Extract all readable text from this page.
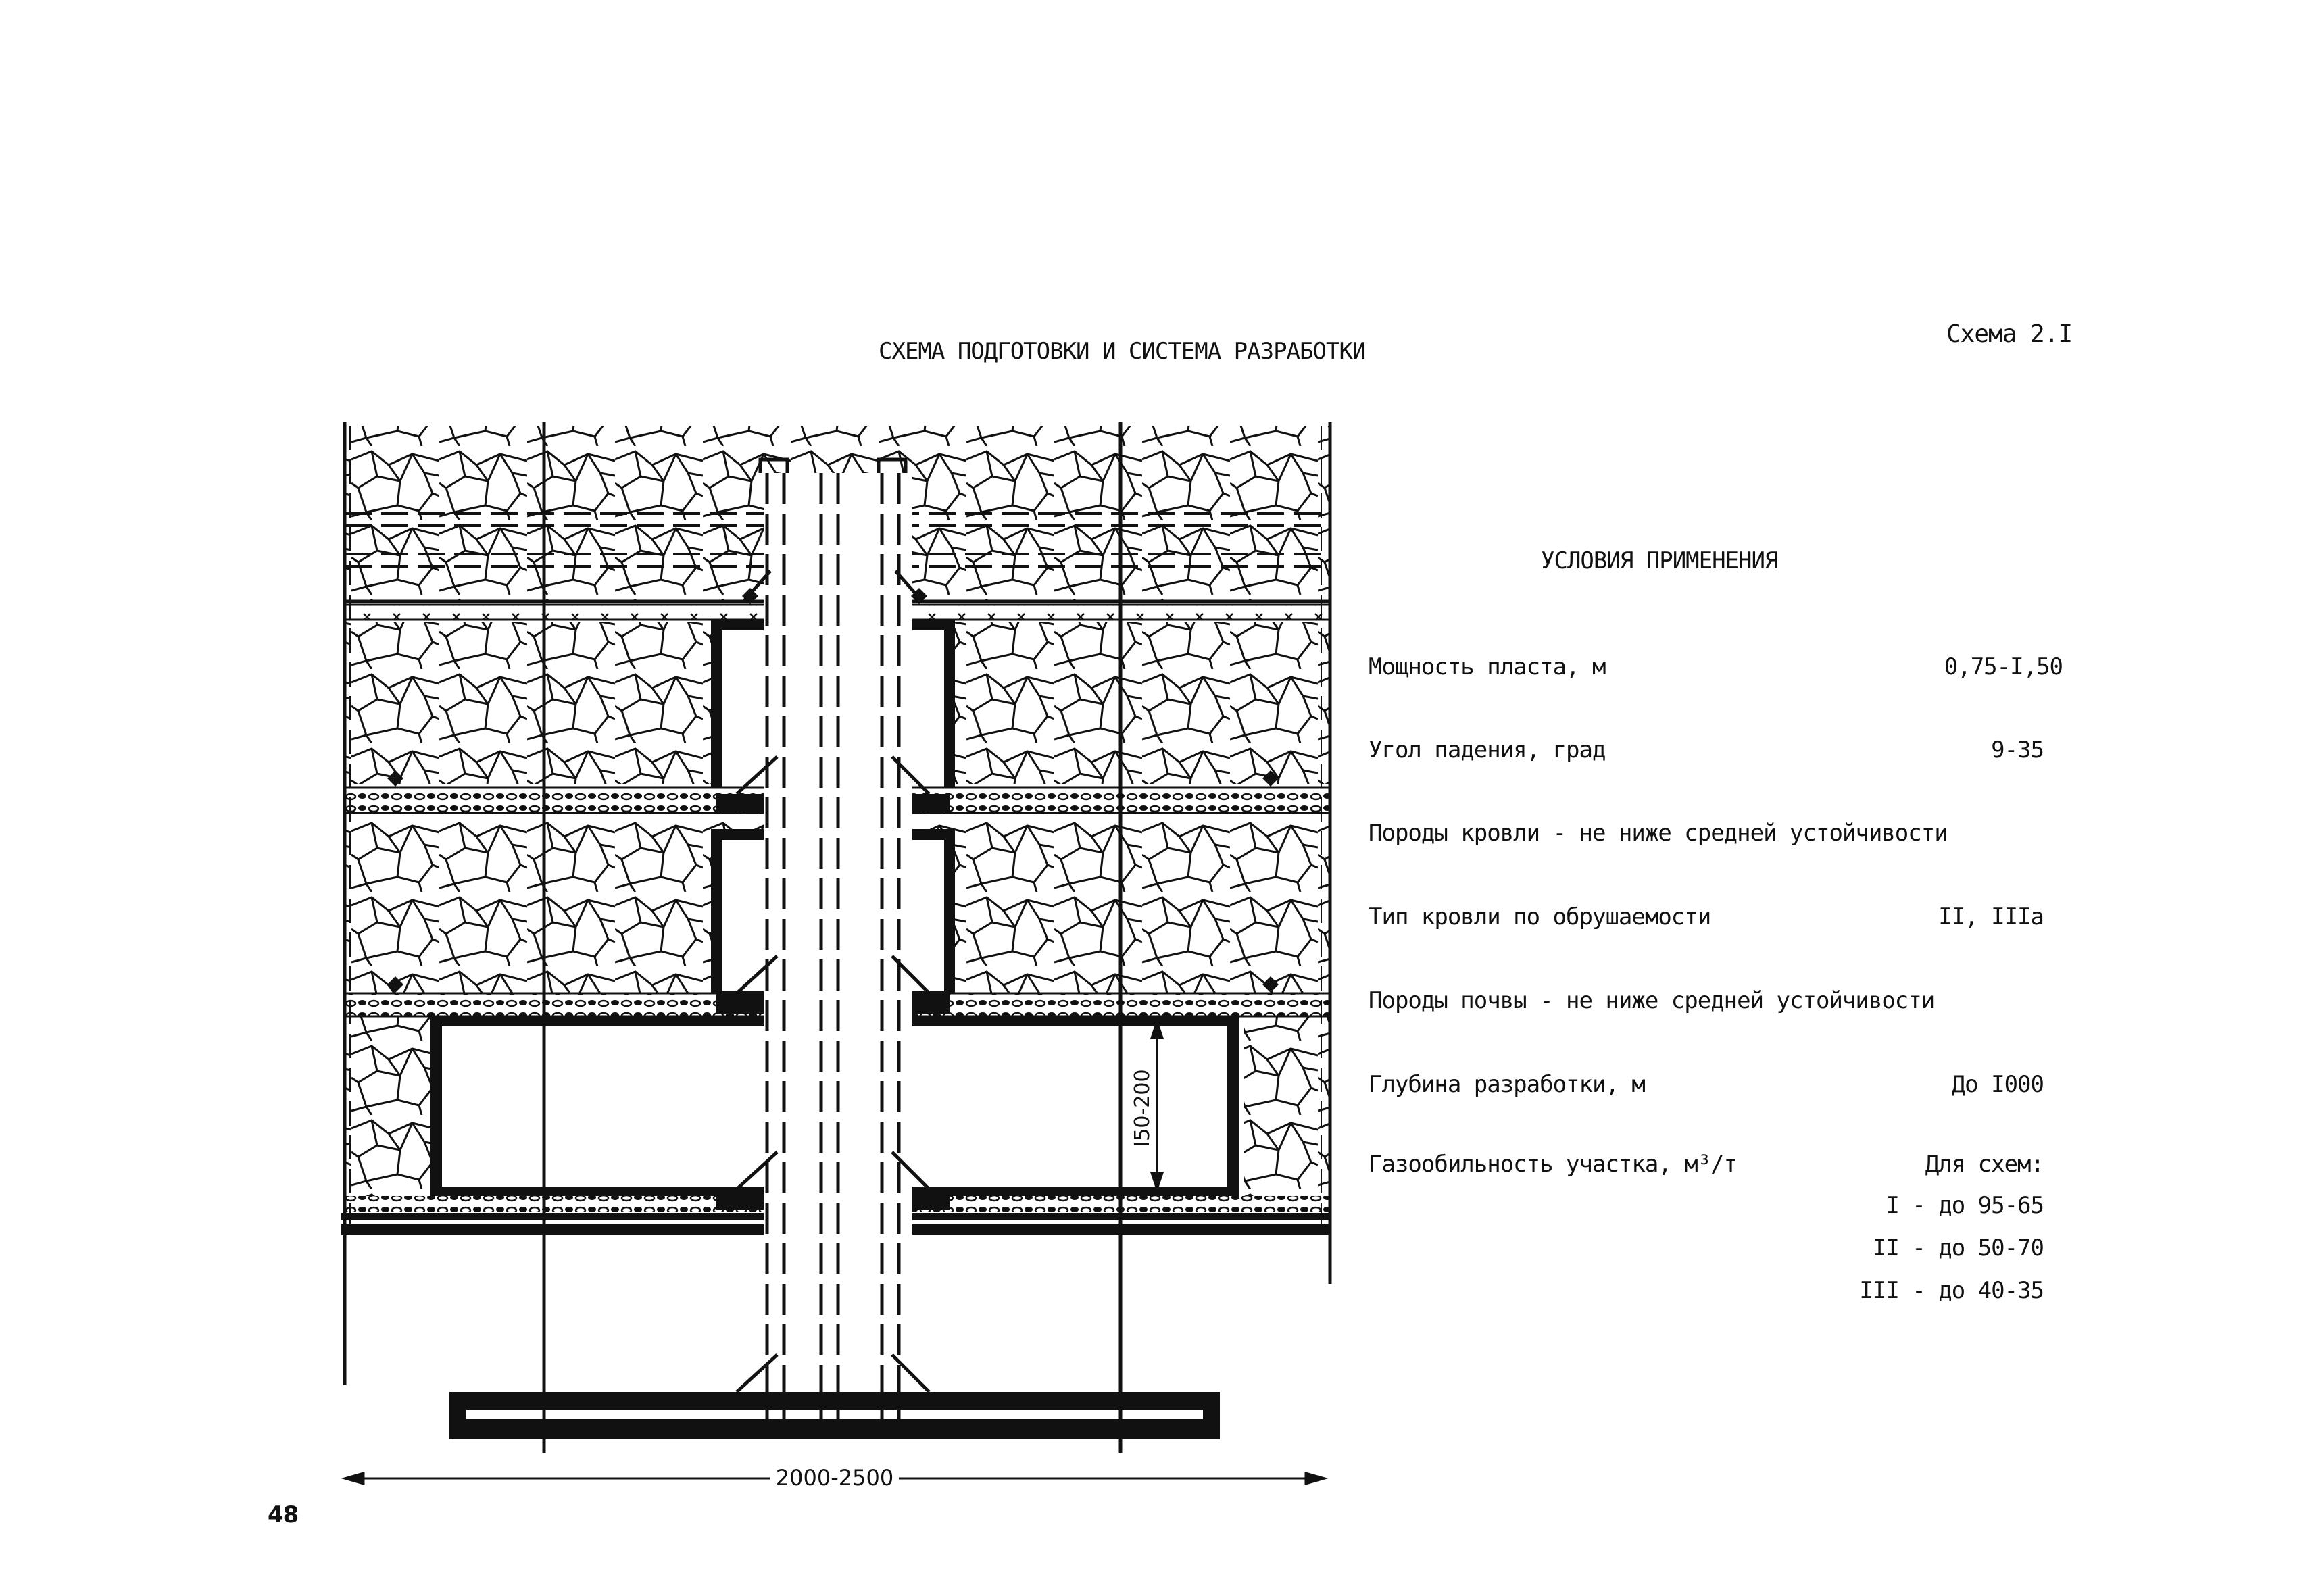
СХЕМА ПОДГОТОВКИ И СИСТЕМА РАЗРАБОТКИ
Схема 2.I
2000-2500
I50-200
УСЛОВИЯ ПРИМЕНЕНИЯ
Мощность пласта, м	0,75-I,50
Угол падения, град	9-35
Породы кровли - не ниже средней устойчивости
Тип кровли по обрушаемости	II, IIIа
Породы почвы - не ниже средней устойчивости
Глубина разработки, м	До I000
Газообильность участка, м³/т	Для схем:
I - до 95-65
II - до 50-70
III - до 40-35
48
